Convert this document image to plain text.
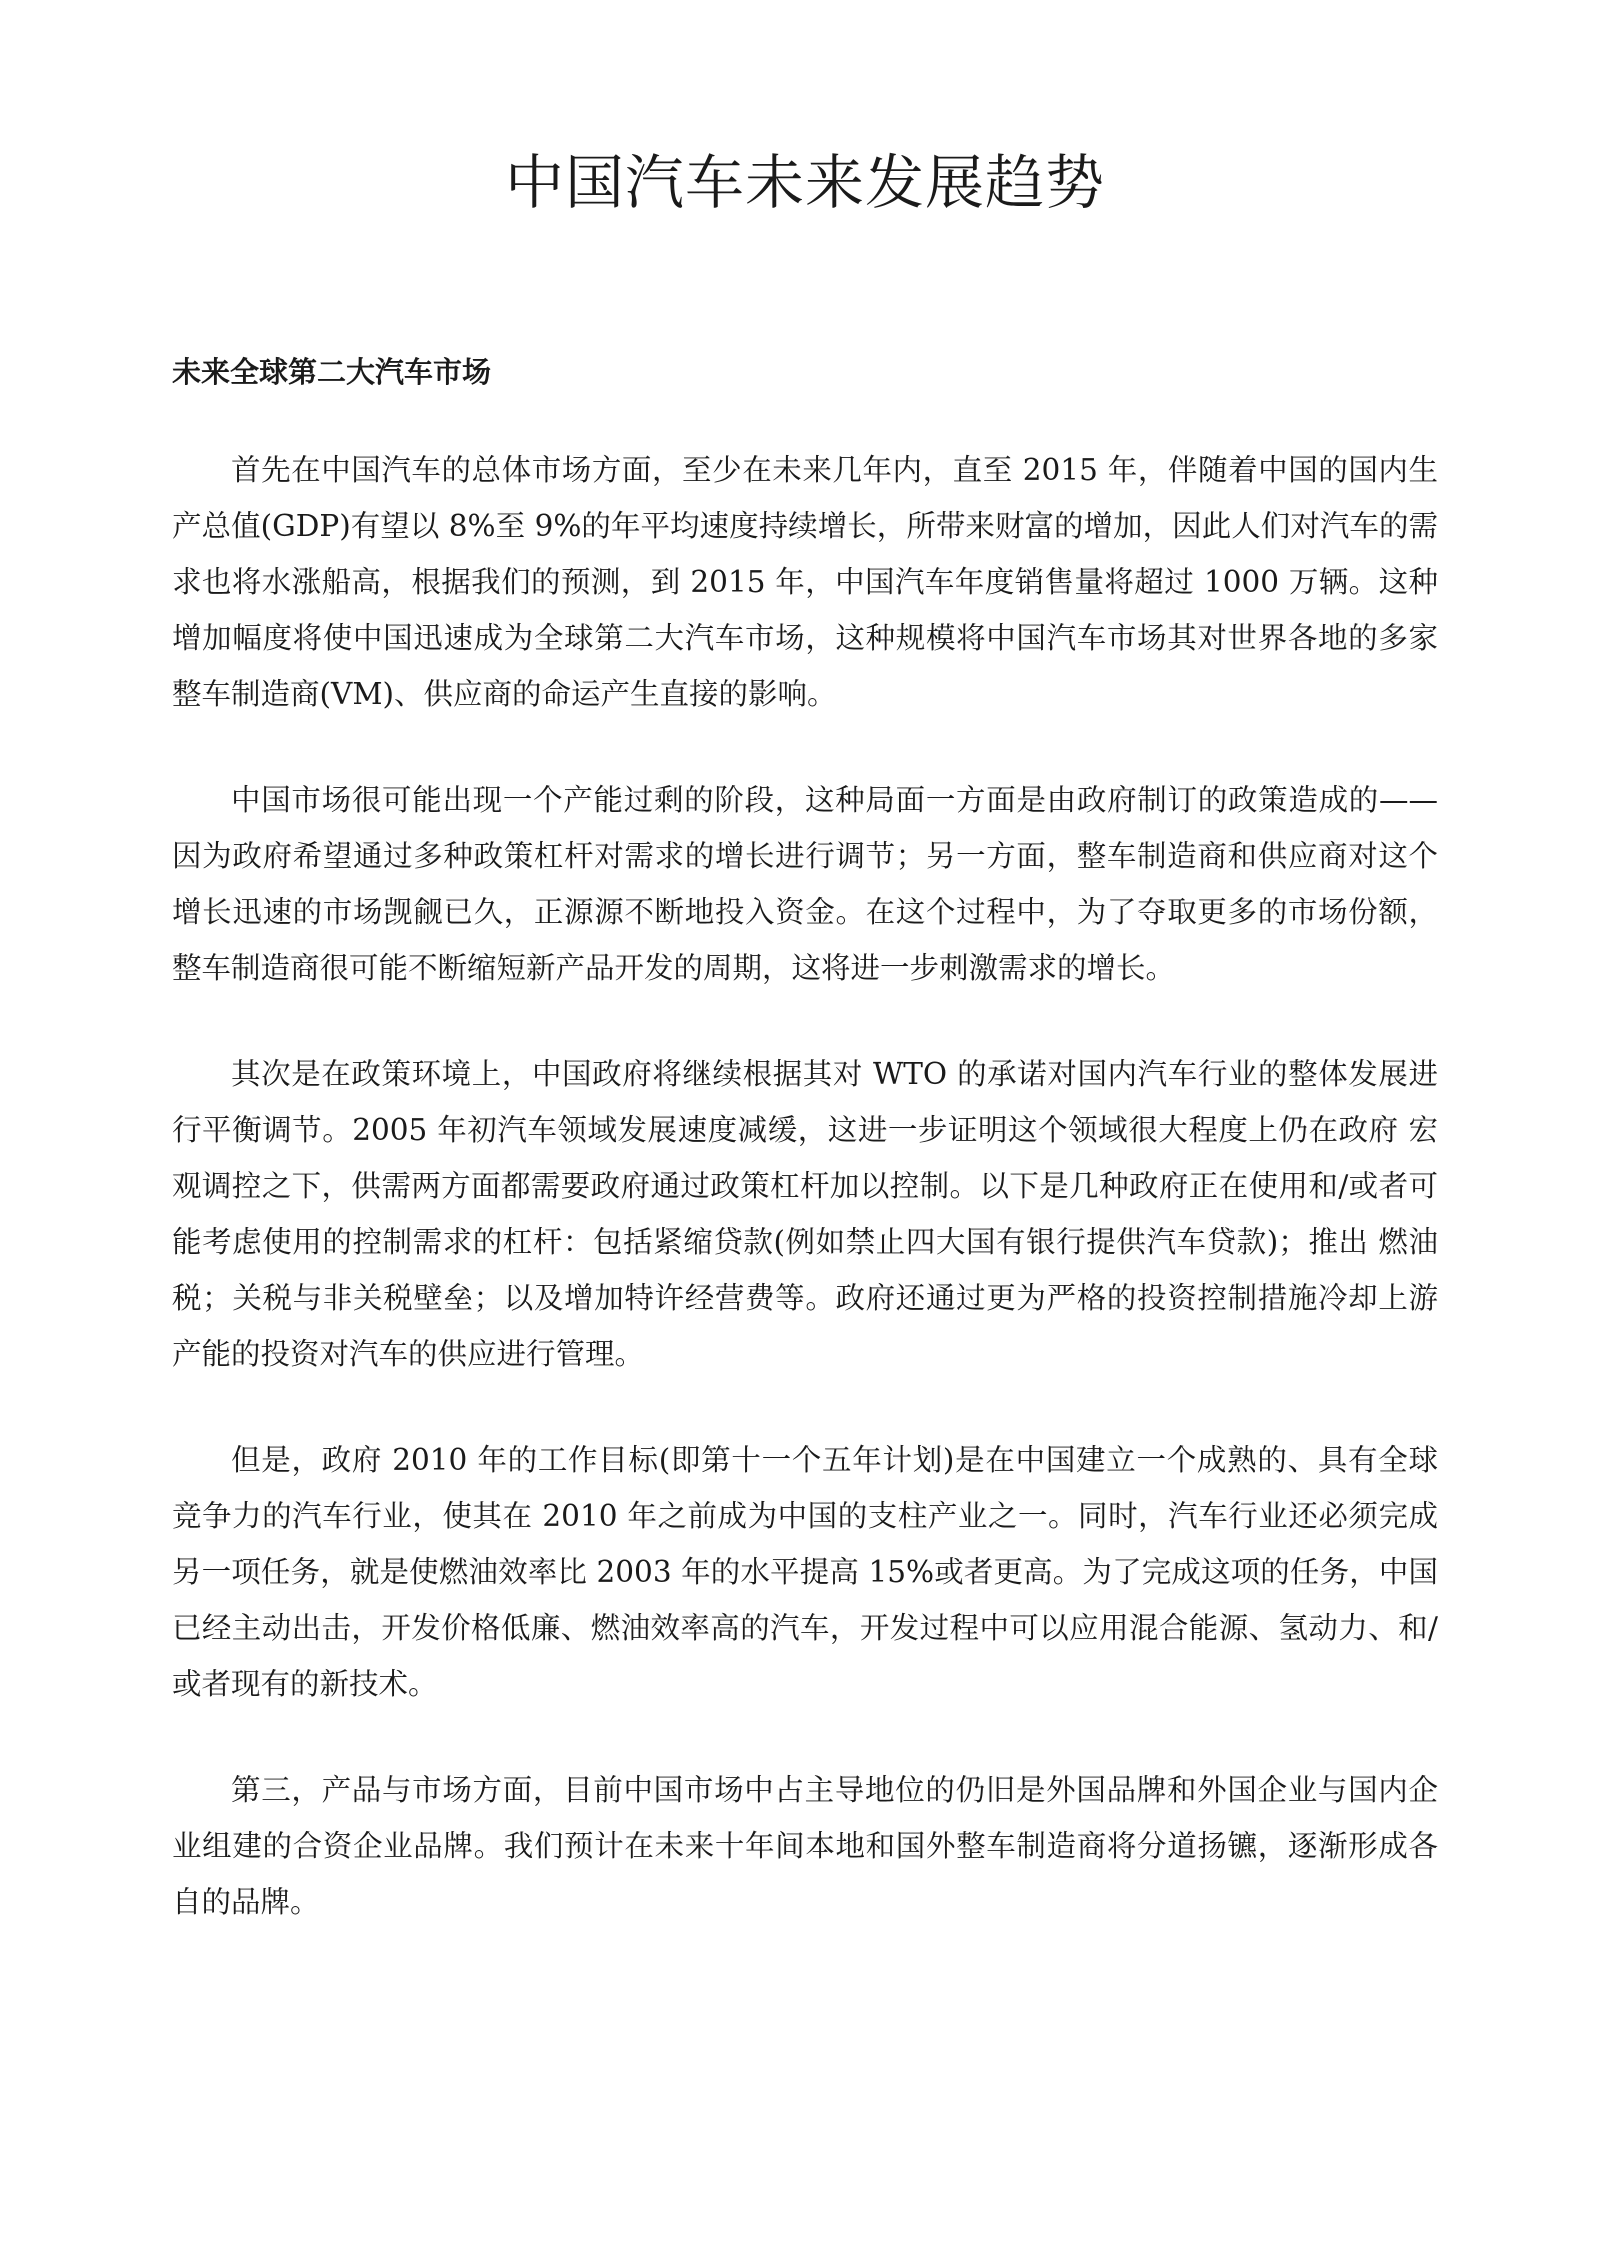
中国汽车未来发展趋势
未来全球第二大汽车市场

首先在中国汽车的总体市场方面，至少在未来几年内，直至 2015 年，伴随着中国的国内生产总值(GDP)有望以 8%至 9%的年平均速度持续增长，所带来财富的增加，因此人们对汽车的需求也将水涨船高，根据我们的预测，到 2015 年，中国汽车年度销售量将超过 1000 万辆。这种增加幅度将使中国迅速成为全球第二大汽车市场，这种规模将中国汽车市场其对世界各地的多家整车制造商(VM)、供应商的命运产生直接的影响。

中国市场很可能出现一个产能过剩的阶段，这种局面一方面是由政府制订的政策造成的——因为政府希望通过多种政策杠杆对需求的增长进行调节；另一方面，整车制造商和供应商对这个增长迅速的市场觊觎已久，正源源不断地投入资金。在这个过程中，为了夺取更多的市场份额，整车制造商很可能不断缩短新产品开发的周期，这将进一步刺激需求的增长。

其次是在政策环境上，中国政府将继续根据其对 WTO 的承诺对国内汽车行业的整体发展进行平衡调节。2005 年初汽车领域发展速度减缓，这进一步证明这个领域很大程度上仍在政府 宏观调控之下，供需两方面都需要政府通过政策杠杆加以控制。以下是几种政府正在使用和/或者可能考虑使用的控制需求的杠杆：包括紧缩贷款(例如禁止四大国有银行提供汽车贷款)；推出 燃油税；关税与非关税壁垒；以及增加特许经营费等。政府还通过更为严格的投资控制措施冷却上游产能的投资对汽车的供应进行管理。

但是，政府 2010 年的工作目标(即第十一个五年计划)是在中国建立一个成熟的、具有全球竞争力的汽车行业，使其在 2010 年之前成为中国的支柱产业之一。同时，汽车行业还必须完成另一项任务，就是使燃油效率比 2003 年的水平提高 15%或者更高。为了完成这项的任务，中国已经主动出击，开发价格低廉、燃油效率高的汽车，开发过程中可以应用混合能源、氢动力、和/或者现有的新技术。

第三，产品与市场方面，目前中国市场中占主导地位的仍旧是外国品牌和外国企业与国内企业组建的合资企业品牌。我们预计在未来十年间本地和国外整车制造商将分道扬镳，逐渐形成各自的品牌。
